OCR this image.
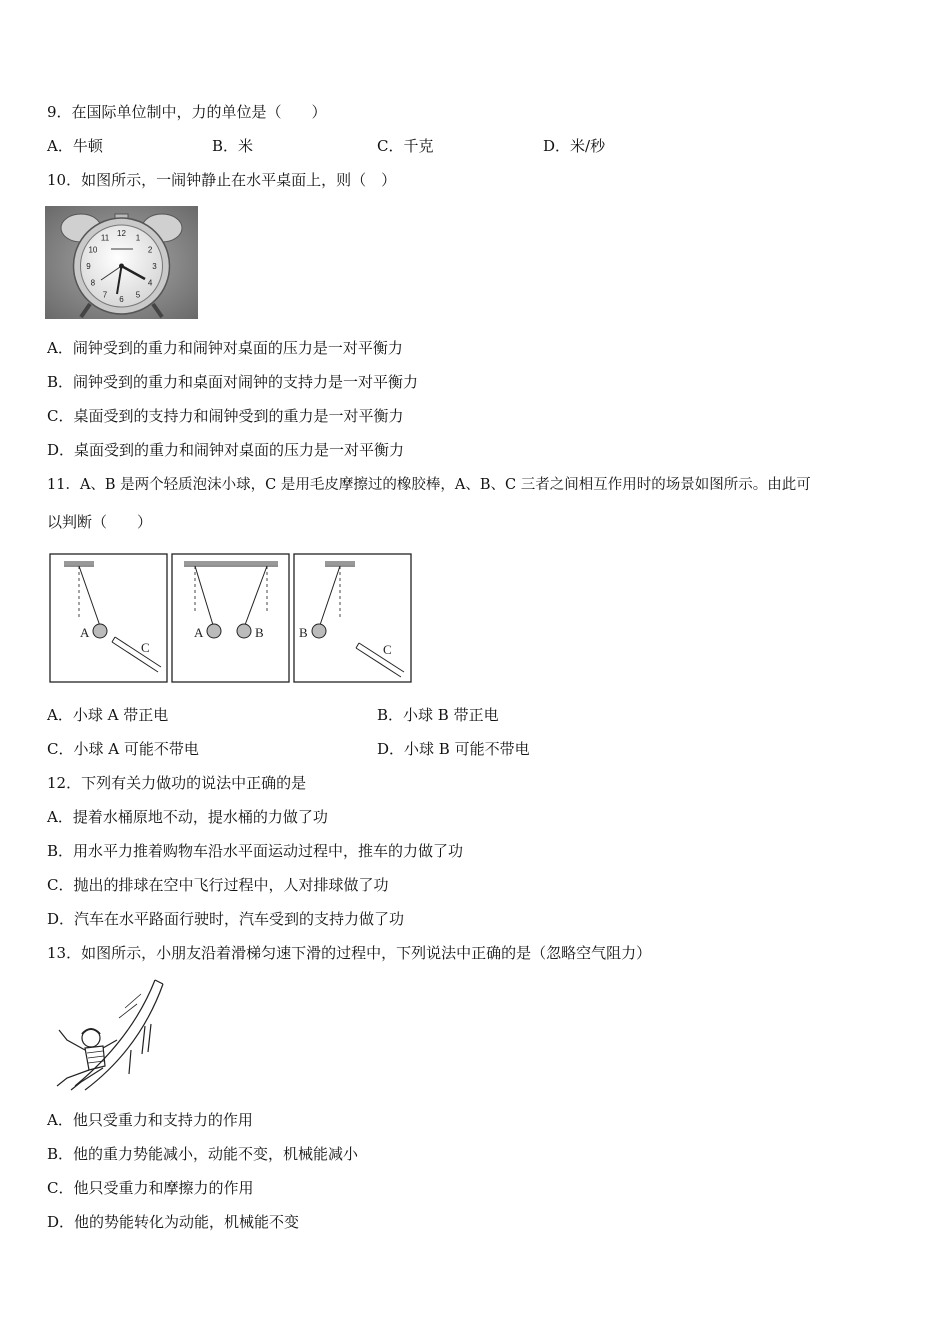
9．在国际单位制中，力的单位是（　　）
A．牛顿	B．米	C．千克	D．米/秒
10．如图所示，一闹钟静止在水平桌面上，则（　）
12 1
2
3
4
5
6
7
8
9
10
11
A．闹钟受到的重力和闹钟对桌面的压力是一对平衡力
B．闹钟受到的重力和桌面对闹钟的支持力是一对平衡力
C．桌面受到的支持力和闹钟受到的重力是一对平衡力
D．桌面受到的重力和闹钟对桌面的压力是一对平衡力
11．A、B 是两个轻质泡沫小球，C 是用毛皮摩擦过的橡胶棒，A、B、C 三者之间相互作用时的场景如图所示。由此可
以判断（　　）
A
C
A	B	B
C
A．小球 A 带正电	B．小球 B 带正电
C．小球 A 可能不带电	D．小球 B 可能不带电
12．下列有关力做功的说法中正确的是
A．提着水桶原地不动，提水桶的力做了功
B．用水平力推着购物车沿水平面运动过程中，推车的力做了功
C．抛出的排球在空中飞行过程中，人对排球做了功
D．汽车在水平路面行驶时，汽车受到的支持力做了功
13．如图所示，小朋友沿着滑梯匀速下滑的过程中，下列说法中正确的是（忽略空气阻力）
A．他只受重力和支持力的作用
B．他的重力势能减小，动能不变，机械能减小
C．他只受重力和摩擦力的作用
D．他的势能转化为动能，机械能不变
